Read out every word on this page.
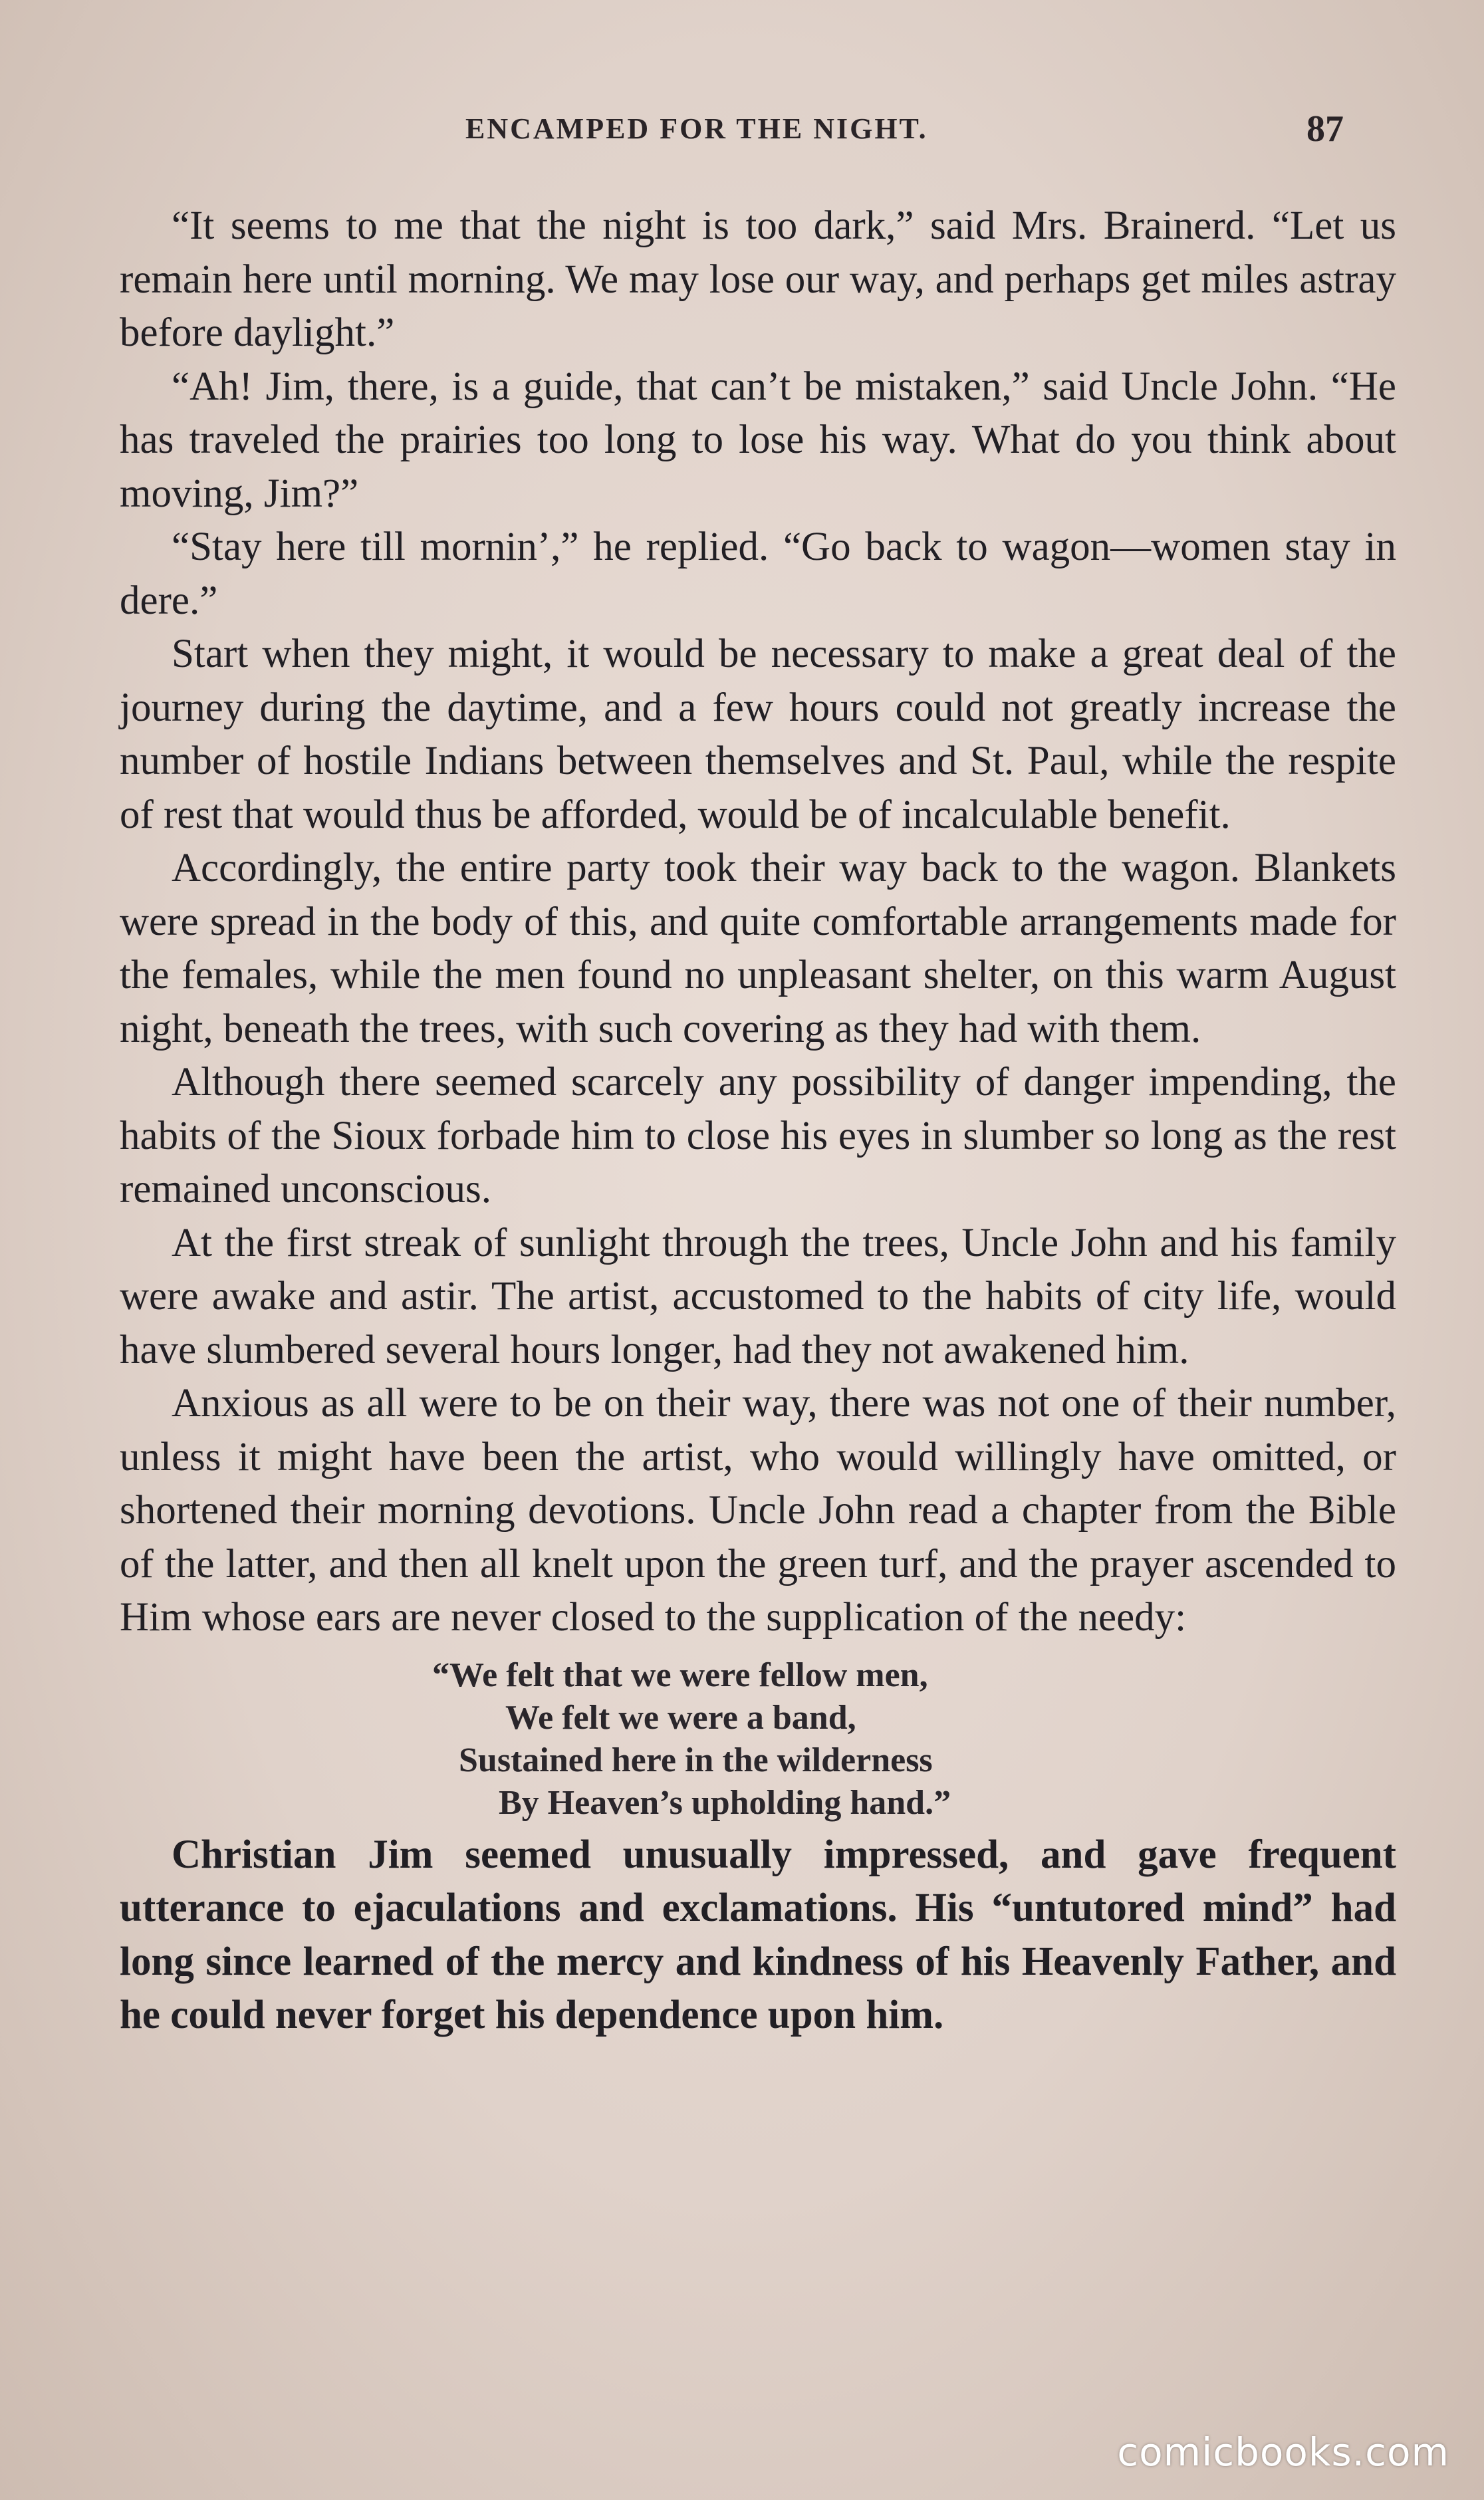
ENCAMPED FOR THE NIGHT.	87

“It seems to me that the night is too dark,” said Mrs. Brainerd. “Let us remain here until morning. We may lose our way, and perhaps get miles astray before daylight.”

“Ah! Jim, there, is a guide, that can’t be mistaken,” said Uncle John. “He has traveled the prairies too long to lose his way. What do you think about moving, Jim?”

“Stay here till mornin’,” he replied. “Go back to wagon—women stay in dere.”

Start when they might, it would be necessary to make a great deal of the journey during the daytime, and a few hours could not greatly increase the number of hostile Indians between themselves and St. Paul, while the respite of rest that would thus be afforded, would be of incalculable benefit.

Accordingly, the entire party took their way back to the wagon. Blankets were spread in the body of this, and quite comfortable arrangements made for the females, while the men found no unpleasant shelter, on this warm August night, beneath the trees, with such covering as they had with them.

Although there seemed scarcely any possibility of danger impending, the habits of the Sioux forbade him to close his eyes in slumber so long as the rest remained unconscious.

At the first streak of sunlight through the trees, Uncle John and his family were awake and astir. The artist, accustomed to the habits of city life, would have slumbered several hours longer, had they not awakened him.

Anxious as all were to be on their way, there was not one of their number, unless it might have been the artist, who would willingly have omitted, or shortened their morning devotions. Uncle John read a chapter from the Bible of the latter, and then all knelt upon the green turf, and the prayer ascended to Him whose ears are never closed to the supplication of the needy:

“We felt that we were fellow men,
We felt we were a band,
Sustained here in the wilderness
By Heaven’s upholding hand.”

Christian Jim seemed unusually impressed, and gave frequent utterance to ejaculations and exclamations. His “untutored mind” had long since learned of the mercy and kindness of his Heavenly Father, and he could never forget his dependence upon him.

comicbooks.com
